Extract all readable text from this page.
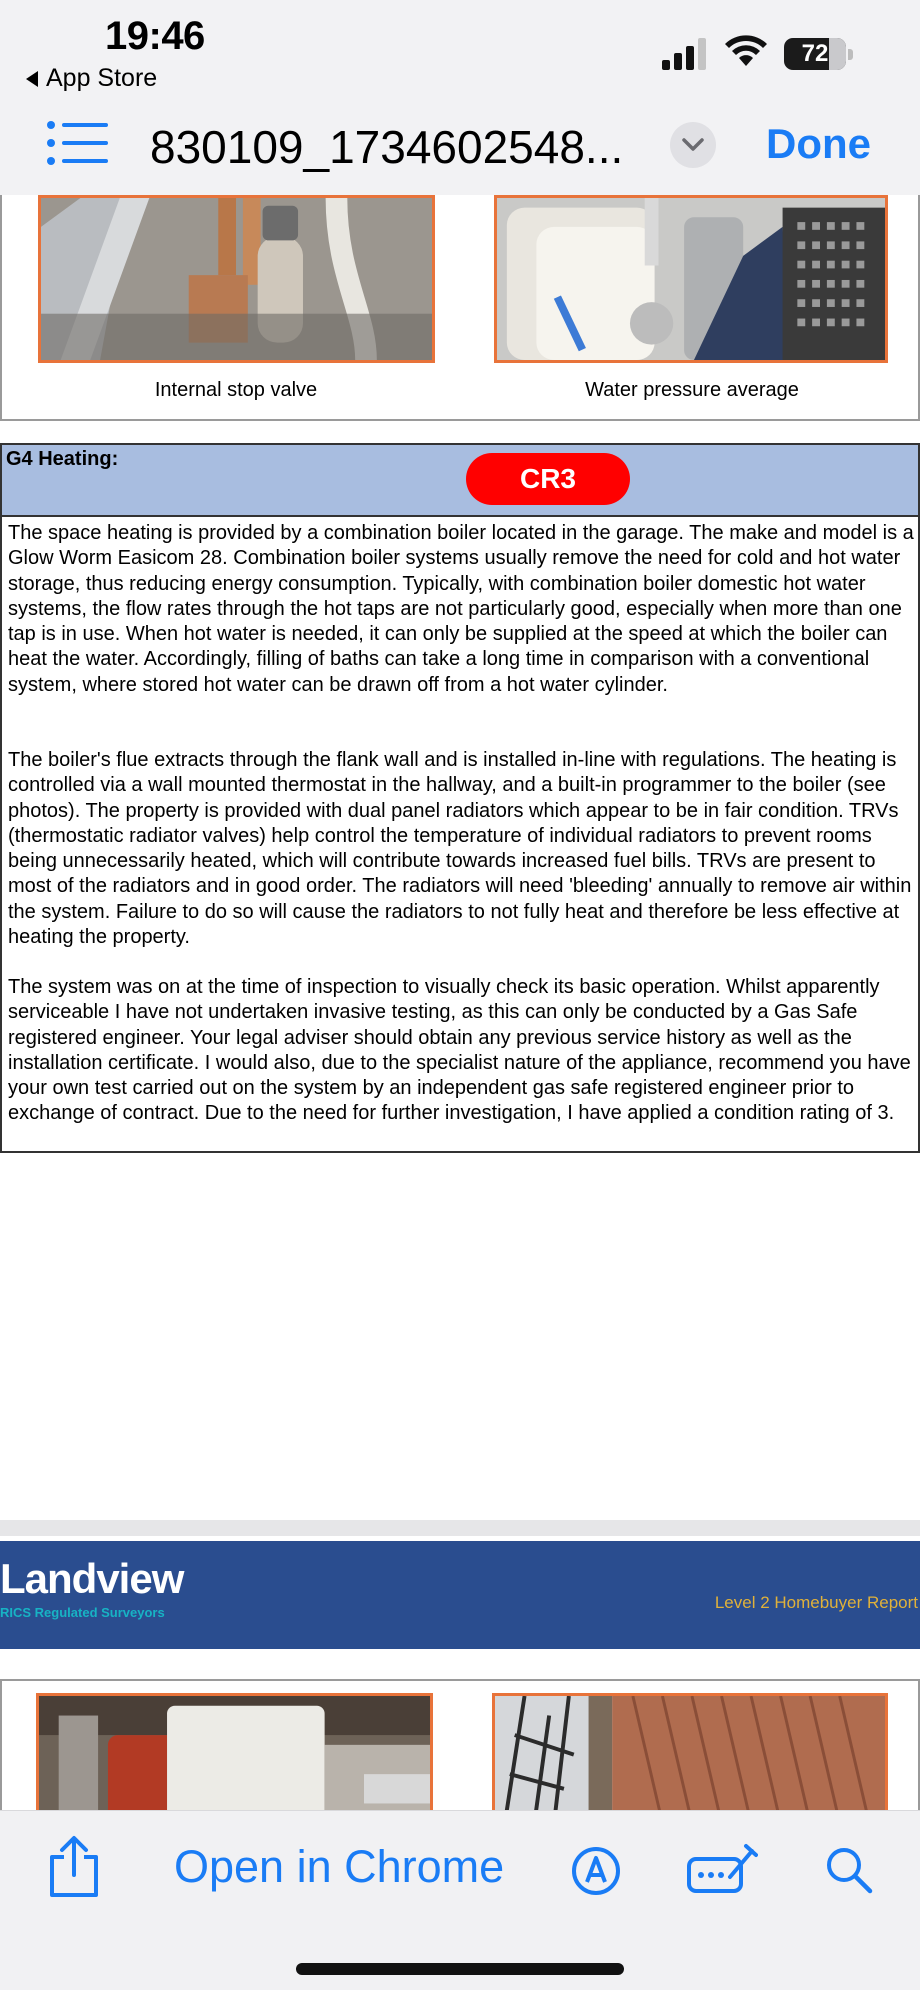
19:46
App Store
72
830109_1734602548...	Done
Internal stop valve	Water pressure average
G4 Heating:
CR3
The space heating is provided by a combination boiler located in the garage. The make and model is a Glow Worm Easicom 28. Combination boiler systems usually remove the need for cold and hot water storage, thus reducing energy consumption. Typically, with combination boiler domestic hot water systems, the flow rates through the hot taps are not particularly good, especially when more than one tap is in use. When hot water is needed, it can only be supplied at the speed at which the boiler can heat the water. Accordingly, filling of baths can take a long time in comparison with a conventional system, where stored hot water can be drawn off from a hot water cylinder.
The boiler's flue extracts through the flank wall and is installed in-line with regulations. The heating is controlled via a wall mounted thermostat in the hallway, and a built-in programmer to the boiler (see photos). The property is provided with dual panel radiators which appear to be in fair condition. TRVs (thermostatic radiator valves) help control the temperature of individual radiators to prevent rooms being unnecessarily heated, which will contribute towards increased fuel bills. TRVs are present to most of the radiators and in good order. The radiators will need 'bleeding' annually to remove air within the system. Failure to do so will cause the radiators to not fully heat and therefore be less effective at heating the property.
The system was on at the time of inspection to visually check its basic operation. Whilst apparently serviceable I have not undertaken invasive testing, as this can only be conducted by a Gas Safe registered engineer. Your legal adviser should obtain any previous service history as well as the installation certificate. I would also, due to the specialist nature of the appliance, recommend you have your own test carried out on the system by an independent gas safe registered engineer prior to exchange of contract. Due to the need for further investigation, I have applied a condition rating of 3.
Landview
RICS Regulated Surveyors
Level 2 Homebuyer Report
Open in Chrome
